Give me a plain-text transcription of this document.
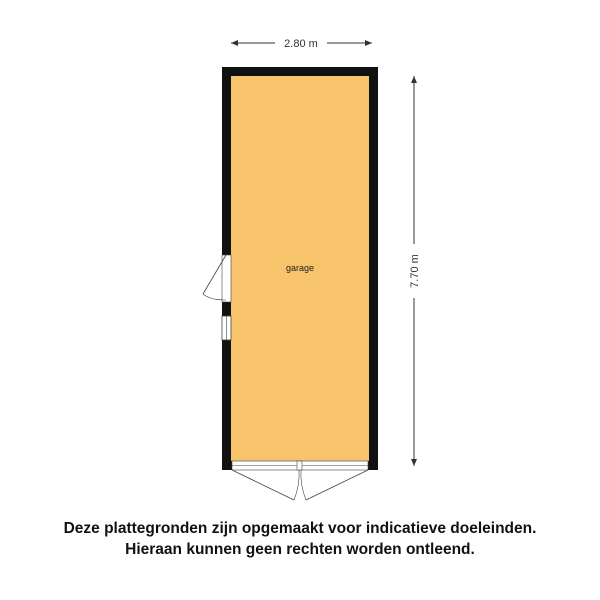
2.80 m
7.70 m
garage
Deze plattegronden zijn opgemaakt voor indicatieve doeleinden.
Hieraan kunnen geen rechten worden ontleend.
